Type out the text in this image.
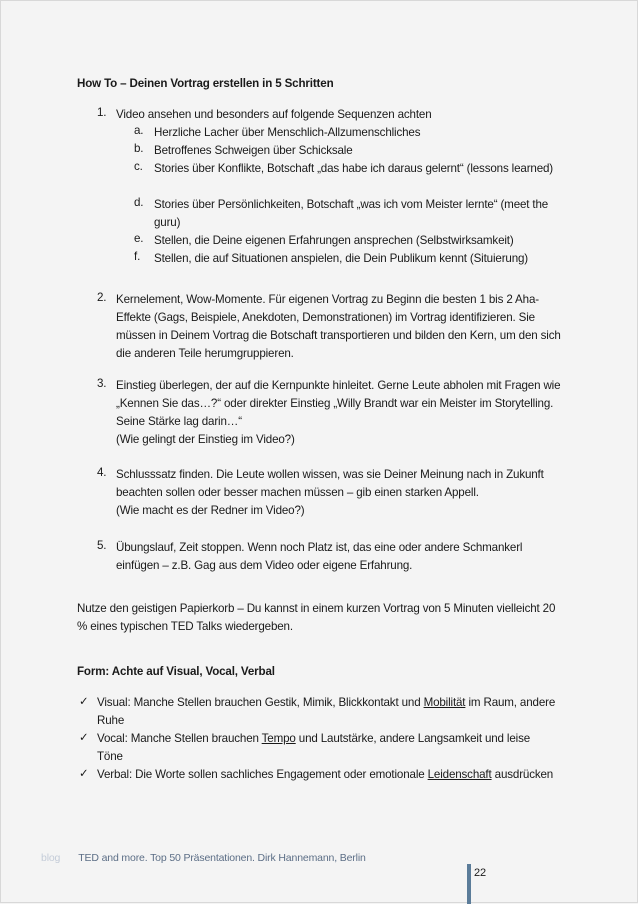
How To – Deinen Vortrag erstellen in 5 Schritten
1. Video ansehen und besonders auf folgende Sequenzen achten
a. Herzliche Lacher über Menschlich-Allzumenschliches
b. Betroffenes Schweigen über Schicksale
c. Stories über Konflikte, Botschaft „das habe ich daraus gelernt“ (lessons learned)
d. Stories über Persönlichkeiten, Botschaft „was ich vom Meister lernte“ (meet the guru)
e. Stellen, die Deine eigenen Erfahrungen ansprechen (Selbstwirksamkeit)
f. Stellen, die auf Situationen anspielen, die Dein Publikum kennt (Situierung)
2. Kernelement, Wow-Momente. Für eigenen Vortrag zu Beginn die besten 1 bis 2 Aha-Effekte (Gags, Beispiele, Anekdoten, Demonstrationen) im Vortrag identifizieren. Sie müssen in Deinem Vortrag die Botschaft transportieren und bilden den Kern, um den sich die anderen Teile herumgruppieren.
3. Einstieg überlegen, der auf die Kernpunkte hinleitet. Gerne Leute abholen mit Fragen wie „Kennen Sie das…?“ oder direkter Einstieg „Willy Brandt war ein Meister im Storytelling. Seine Stärke lag darin…“
(Wie gelingt der Einstieg im Video?)
4. Schlusssatz finden. Die Leute wollen wissen, was sie Deiner Meinung nach in Zukunft beachten sollen oder besser machen müssen – gib einen starken Appell.
(Wie macht es der Redner im Video?)
5. Übungslauf, Zeit stoppen. Wenn noch Platz ist, das eine oder andere Schmankerl einfügen – z.B. Gag aus dem Video oder eigene Erfahrung.
Nutze den geistigen Papierkorb – Du kannst in einem kurzen Vortrag von 5 Minuten vielleicht 20 % eines typischen TED Talks wiedergeben.
Form: Achte auf Visual, Vocal, Verbal
✓ Visual: Manche Stellen brauchen Gestik, Mimik, Blickkontakt und Mobilität im Raum, andere Ruhe
✓ Vocal: Manche Stellen brauchen Tempo und Lautstärke, andere Langsamkeit und leise Töne
✓ Verbal: Die Worte sollen sachliches Engagement oder emotionale Leidenschaft ausdrücken
blog TED and more. Top 50 Präsentationen. Dirk Hannemann, Berlin
22
